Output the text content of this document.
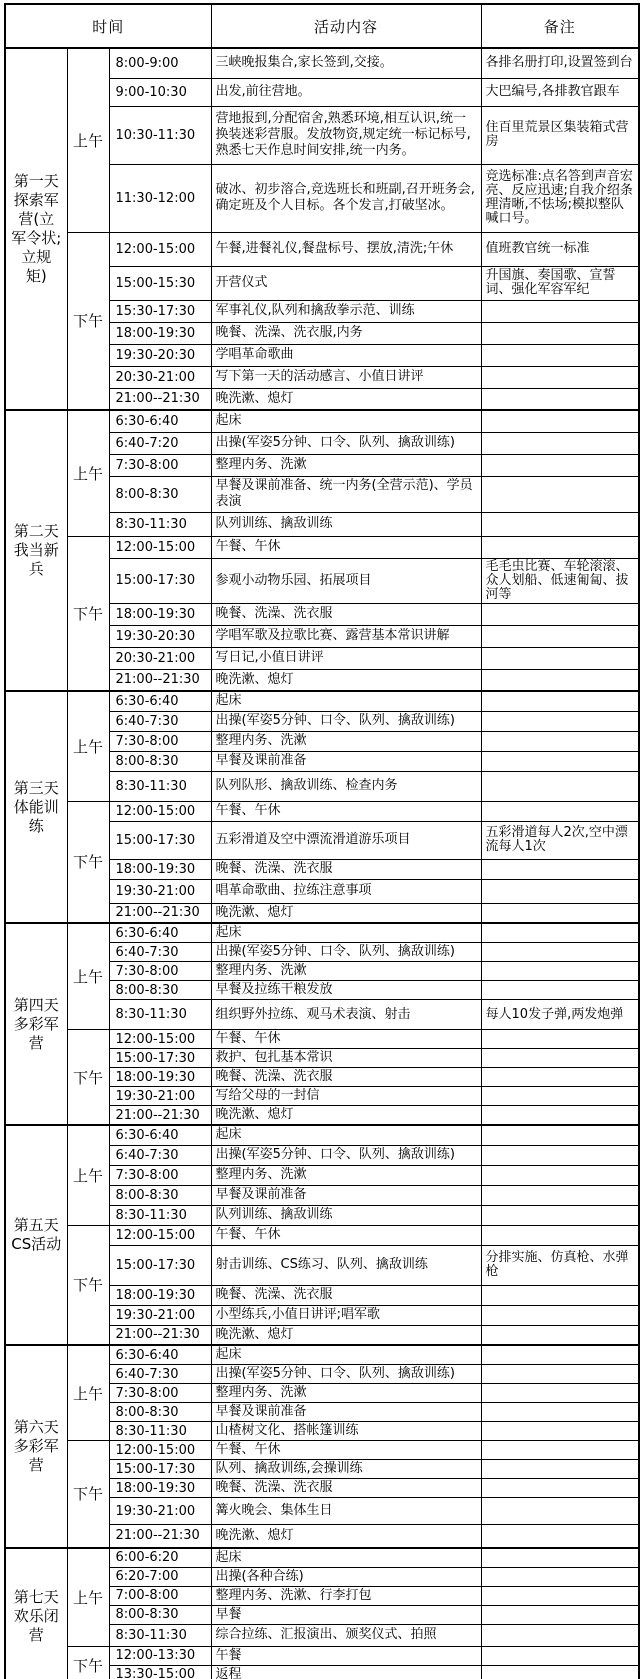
时间			活动内容	备注
第一天探索军营(立军令状;立规矩)	上午	8:00-9:00	三峡晚报集合,家长签到,交接。	各排名册打印,设置签到台
		9:00-10:30	出发,前往营地。	大巴编号,各排教官跟车
		10:30-11:30	营地报到,分配宿舍,熟悉环境,相互认识,统一换装迷彩营服。发放物资,规定统一标记标号,熟悉七天作息时间安排,统一内务。	住百里荒景区集装箱式营房
		11:30-12:00	破冰、初步溶合,竞选班长和班副,召开班务会,确定班及个人目标。各个发言,打破坚冰。	竞选标准:点名答到声音宏亮、反应迅速;自我介绍条理清晰,不怯场;模拟整队喊口号。
	下午	12:00-15:00	午餐,进餐礼仪,餐盘标号、摆放,清洗;午休	值班教官统一标准
		15:00-15:30	开营仪式	升国旗、奏国歌、宣誓词、强化军容军纪
		15:30-17:30	军事礼仪,队列和擒敌拳示范、训练	
		18:00-19:30	晚餐、洗澡、洗衣服,内务	
		19:30-20:30	学唱革命歌曲	
		20:30-21:00	写下第一天的活动感言、小值日讲评	
		21:00--21:30	晚洗漱、熄灯	
第二天我当新兵	上午	6:30-6:40	起床	
		6:40-7:20	出操(军姿5分钟、口令、队列、擒敌训练)	
		7:30-8:00	整理内务、洗漱	
		8:00-8:30	早餐及课前准备、统一内务(全营示范)、学员表演	
		8:30-11:30	队列训练、擒敌训练	
	下午	12:00-15:00	午餐、午休	
		15:00-17:30	参观小动物乐园、拓展项目	毛毛虫比赛、车轮滚滚、众人划船、低速匍匐、拔河等
		18:00-19:30	晚餐、洗澡、洗衣服	
		19:30-20:30	学唱军歌及拉歌比赛、露营基本常识讲解	
		20:30-21:00	写日记,小值日讲评	
		21:00--21:30	晚洗漱、熄灯	
第三天体能训练	上午	6:30-6:40	起床	
		6:40-7:30	出操(军姿5分钟、口令、队列、擒敌训练)	
		7:30-8:00	整理内务、洗漱	
		8:00-8:30	早餐及课前准备	
		8:30-11:30	队列队形、擒敌训练、检查内务	
	下午	12:00-15:00	午餐、午休	
		15:00-17:30	五彩滑道及空中漂流滑道游乐项目	五彩滑道每人2次,空中漂流每人1次
		18:00-19:30	晚餐、洗澡、洗衣服	
		19:30-21:00	唱革命歌曲、拉练注意事项	
		21:00--21:30	晚洗漱、熄灯	
第四天多彩军营	上午	6:30-6:40	起床	
		6:40-7:30	出操(军姿5分钟、口令、队列、擒敌训练)	
		7:30-8:00	整理内务、洗漱	
		8:00-8:30	早餐及拉练干粮发放	
		8:30-11:30	组织野外拉练、观马术表演、射击	每人10发子弹,两发炮弹
	下午	12:00-15:00	午餐、午休	
		15:00-17:30	救护、包扎基本常识	
		18:00-19:30	晚餐、洗澡、洗衣服	
		19:30-21:00	写给父母的一封信	
		21:00--21:30	晚洗漱、熄灯	
第五天CS活动	上午	6:30-6:40	起床	
		6:40-7:30	出操(军姿5分钟、口令、队列、擒敌训练)	
		7:30-8:00	整理内务、洗漱	
		8:00-8:30	早餐及课前准备	
		8:30-11:30	队列训练、擒敌训练	
	下午	12:00-15:00	午餐、午休	
		15:00-17:30	射击训练、CS练习、队列、擒敌训练	分排实施、仿真枪、水弹枪
		18:00-19:30	晚餐、洗澡、洗衣服	
		19:30-21:00	小型练兵,小值日讲评;唱军歌	
		21:00--21:30	晚洗漱、熄灯	
第六天多彩军营	上午	6:30-6:40	起床	
		6:40-7:30	出操(军姿5分钟、口令、队列、擒敌训练)	
		7:30-8:00	整理内务、洗漱	
		8:00-8:30	早餐及课前准备	
		8:30-11:30	山楂树文化、搭帐篷训练	
	下午	12:00-15:00	午餐、午休	
		15:00-17:30	队列、擒敌训练,会操训练	
		18:00-19:30	晚餐、洗澡、洗衣服	
		19:30-21:00	篝火晚会、集体生日	
		21:00--21:30	晚洗漱、熄灯	
第七天欢乐闭营	上午	6:00-6:20	起床	
		6:20-7:00	出操(各种合练)	
		7:00-8:00	整理内务、洗漱、行李打包	
		8:00-8:30	早餐	
		8:30-11:30	综合拉练、汇报演出、颁奖仪式、拍照	
	下午	12:00-13:30	午餐	
		13:30-15:00	返程	
